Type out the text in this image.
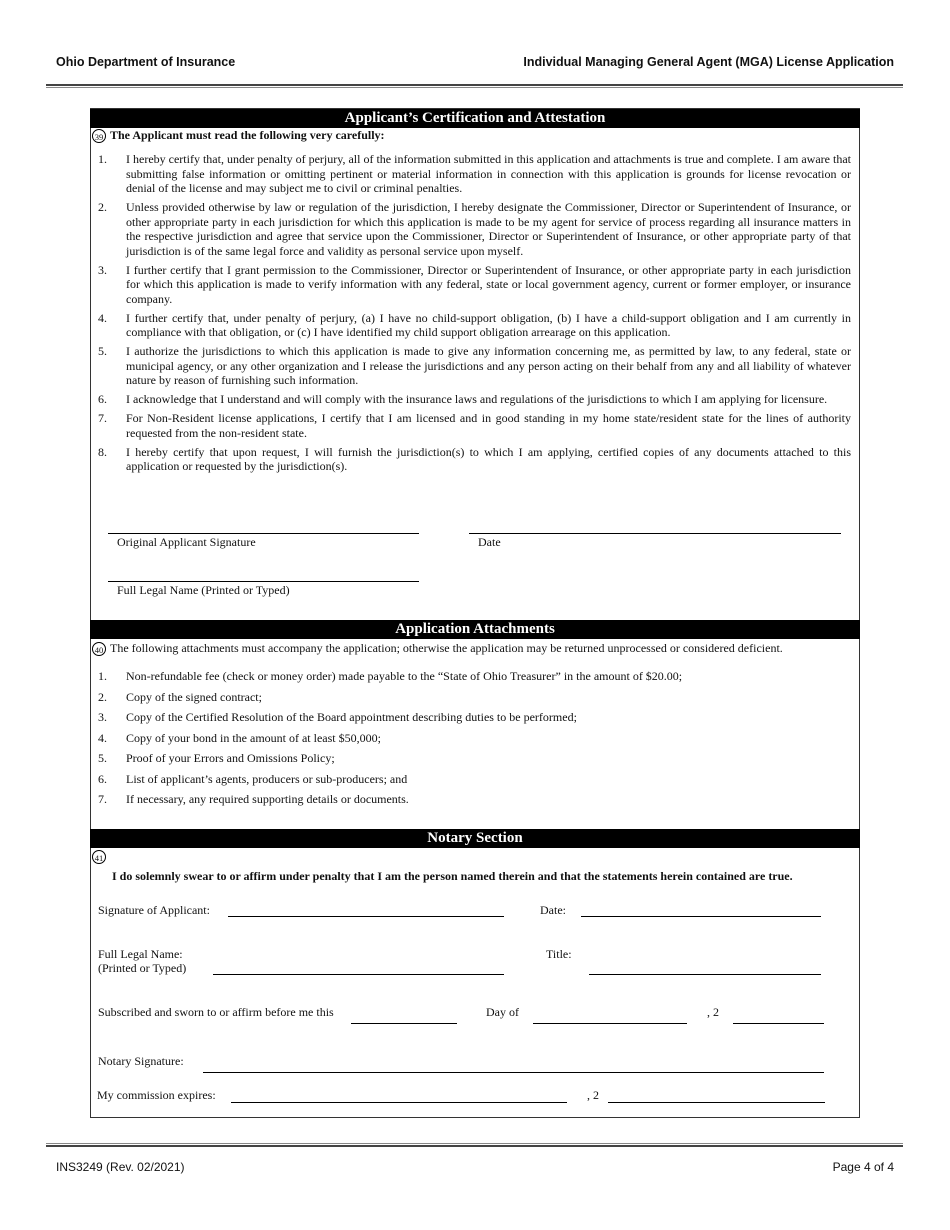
Ohio Department of Insurance	Individual Managing General Agent (MGA) License Application
Applicant’s Certification and Attestation
39 The Applicant must read the following very carefully:
1. I hereby certify that, under penalty of perjury, all of the information submitted in this application and attachments is true and complete. I am aware that submitting false information or omitting pertinent or material information in connection with this application is grounds for license revocation or denial of the license and may subject me to civil or criminal penalties.
2. Unless provided otherwise by law or regulation of the jurisdiction, I hereby designate the Commissioner, Director or Superintendent of Insurance, or other appropriate party in each jurisdiction for which this application is made to be my agent for service of process regarding all insurance matters in the respective jurisdiction and agree that service upon the Commissioner, Director or Superintendent of Insurance, or other appropriate party of that jurisdiction is of the same legal force and validity as personal service upon myself.
3. I further certify that I grant permission to the Commissioner, Director or Superintendent of Insurance, or other appropriate party in each jurisdiction for which this application is made to verify information with any federal, state or local government agency, current or former employer, or insurance company.
4. I further certify that, under penalty of perjury, (a) I have no child-support obligation, (b) I have a child-support obligation and I am currently in compliance with that obligation, or (c) I have identified my child support obligation arrearage on this application.
5. I authorize the jurisdictions to which this application is made to give any information concerning me, as permitted by law, to any federal, state or municipal agency, or any other organization and I release the jurisdictions and any person acting on their behalf from any and all liability of whatever nature by reason of furnishing such information.
6. I acknowledge that I understand and will comply with the insurance laws and regulations of the jurisdictions to which I am applying for licensure.
7. For Non-Resident license applications, I certify that I am licensed and in good standing in my home state/resident state for the lines of authority requested from the non-resident state.
8. I hereby certify that upon request, I will furnish the jurisdiction(s) to which I am applying, certified copies of any documents attached to this application or requested by the jurisdiction(s).
Original Applicant Signature	Date
Full Legal Name (Printed or Typed)
Application Attachments
40 The following attachments must accompany the application; otherwise the application may be returned unprocessed or considered deficient.
1. Non-refundable fee (check or money order) made payable to the “State of Ohio Treasurer” in the amount of $20.00;
2. Copy of the signed contract;
3. Copy of the Certified Resolution of the Board appointment describing duties to be performed;
4. Copy of your bond in the amount of at least $50,000;
5. Proof of your Errors and Omissions Policy;
6. List of applicant’s agents, producers or sub-producers; and
7. If necessary, any required supporting details or documents.
Notary Section
41
I do solemnly swear to or affirm under penalty that I am the person named therein and that the statements herein contained are true.
Signature of Applicant:	Date:
Full Legal Name:
(Printed or Typed)
Title:
Subscribed and sworn to or affirm before me this	Day of	, 2
Notary Signature:
My commission expires:	, 2
INS3249 (Rev. 02/2021)	Page 4 of 4
